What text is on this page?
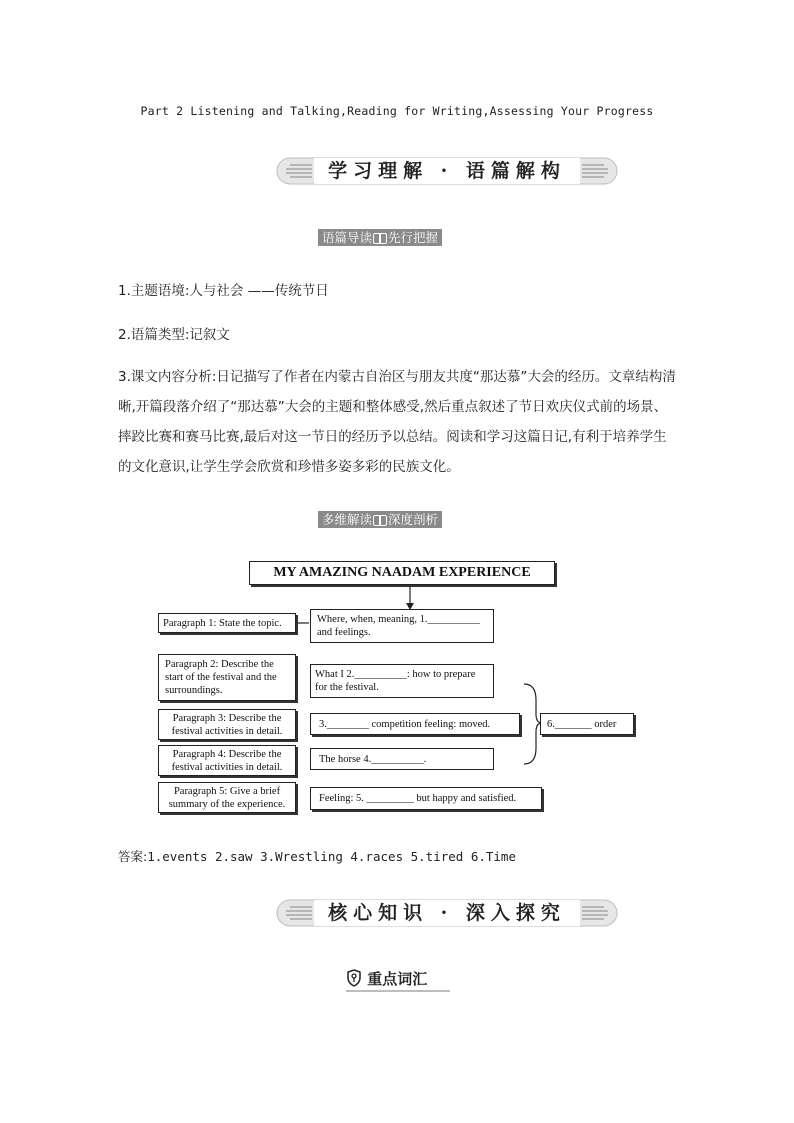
Part 2 Listening and Talking,Reading for Writing,Assessing Your Progress
学习理解 · 语篇解构
语篇导读 先行把握
1.主题语境:人与社会 ——传统节日
2.语篇类型:记叙文
3.课文内容分析:日记描写了作者在内蒙古自治区与朋友共度“那达慕”大会的经历。文章结构清晰,开篇段落介绍了“那达慕”大会的主题和整体感受,然后重点叙述了节日欢庆仪式前的场景、摔跤比赛和赛马比赛,最后对这一节日的经历予以总结。阅读和学习这篇日记,有利于培养学生的文化意识,让学生学会欣赏和珍惜多姿多彩的民族文化。
多维解读 深度剖析
MY AMAZING NAADAM EXPERIENCE
Paragraph 1: State the topic.
Paragraph 2: Describe the start of the festival and the surroundings.
Paragraph 3: Describe the festival activities in detail.
Paragraph 4: Describe the festival activities in detail.
Paragraph 5: Give a brief summary of the experience.
Where, when, meaning, 1.__________ and feelings.
What I 2.__________: how to prepare for the festival.
3.________ competition feeling: moved.
The horse 4.__________.
Feeling: 5. _________ but happy and satisfied.
6._______ order
答案:1.events 2.saw 3.Wrestling 4.races 5.tired 6.Time
核心知识 · 深入探究
重点词汇
